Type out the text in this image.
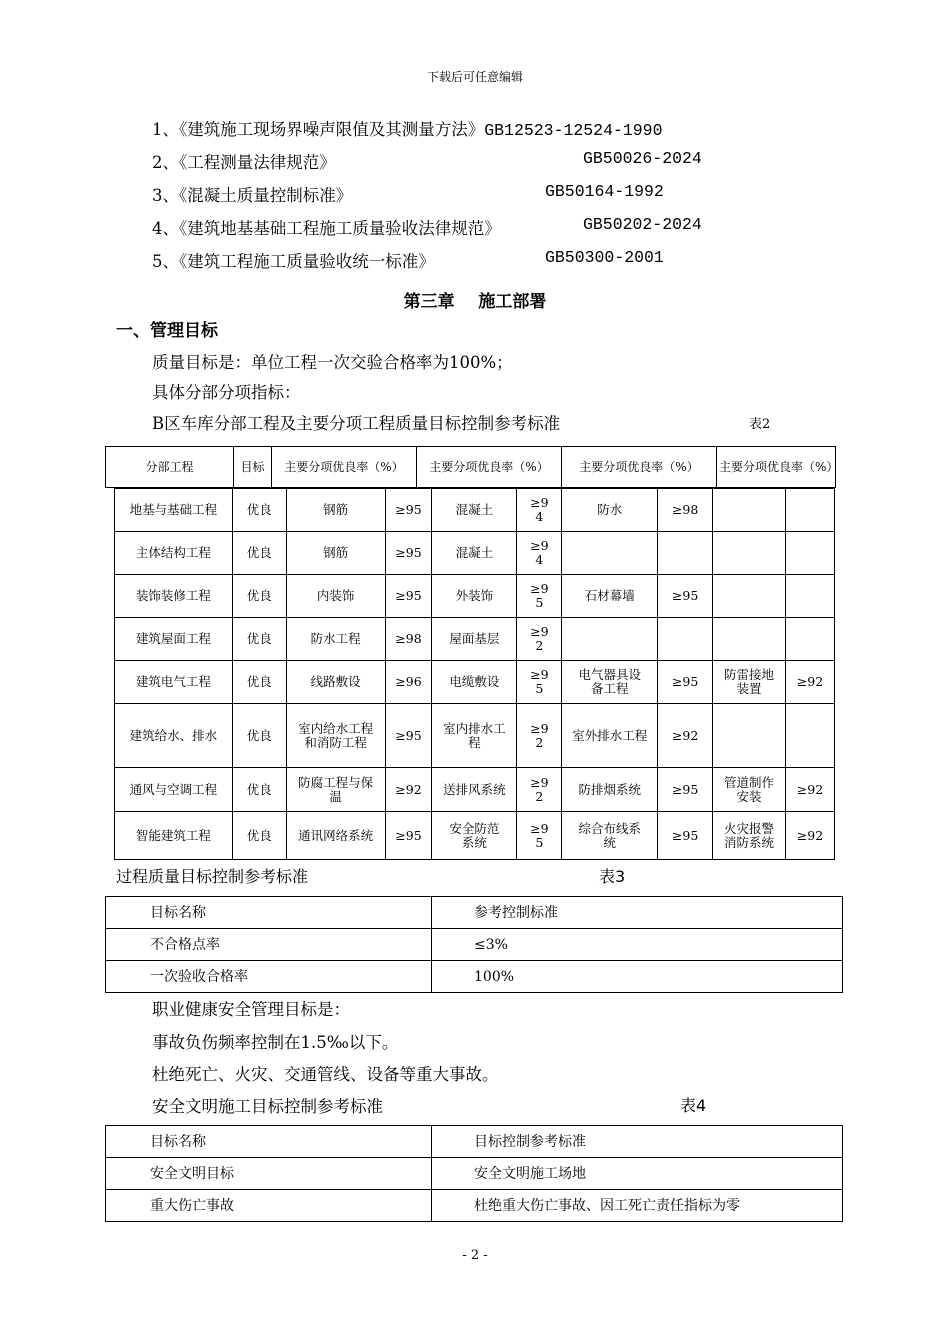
下载后可任意编辑
1、《建筑施工现场界噪声限值及其测量方法》GB12523-12524-1990
2、《工程测量法律规范》	GB50026-2024
3、《混凝土质量控制标准》	GB50164-1992
4、《建筑地基基础工程施工质量验收法律规范》	GB50202-2024
5、《建筑工程施工质量验收统一标准》	GB50300-2001
第三章    施工部署
一、管理目标
质量目标是：单位工程一次交验合格率为100%；
具体分部分项指标：
B区车库分部工程及主要分项工程质量目标控制参考标准	表2
分部工程	目标	主要分项优良率（%）	主要分项优良率（%）	主要分项优良率（%）	主要分项优良率（%）
地基与基础工程	优良	钢筋	≥95	混凝土	≥94	防水	≥98		
主体结构工程	优良	钢筋	≥95	混凝土	≥94				
装饰装修工程	优良	内装饰	≥95	外装饰	≥95	石材幕墙	≥95		
建筑屋面工程	优良	防水工程	≥98	屋面基层	≥92				
建筑电气工程	优良	线路敷设	≥96	电缆敷设	≥95	电气器具设备工程	≥95	防雷接地装置	≥92
建筑给水、排水	优良	室内给水工程和消防工程	≥95	室内排水工程	≥92	室外排水工程	≥92		
通风与空调工程	优良	防腐工程与保温	≥92	送排风系统	≥92	防排烟系统	≥95	管道制作安装	≥92
智能建筑工程	优良	通讯网络系统	≥95	安全防范系统	≥95	综合布线系统	≥95	火灾报警消防系统	≥92
过程质量目标控制参考标准	表3
目标名称	参考控制标准
不合格点率	≤3%
一次验收合格率	100%
职业健康安全管理目标是：
事故负伤频率控制在1.5‰以下。
杜绝死亡、火灾、交通管线、设备等重大事故。
安全文明施工目标控制参考标准	表4
目标名称	目标控制参考标准
安全文明目标	安全文明施工场地
重大伤亡事故	杜绝重大伤亡事故、因工死亡责任指标为零
- 2 -
